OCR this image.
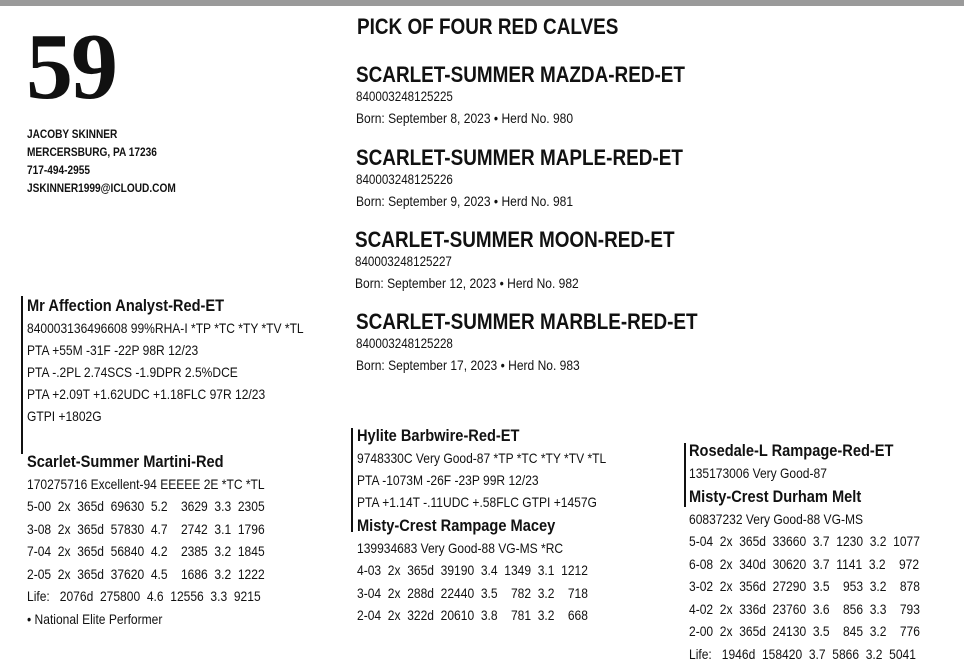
59
JACOBY SKINNER
MERCERSBURG, PA 17236
717-494-2955
JSKINNER1999@ICLOUD.COM
PICK OF FOUR RED CALVES
SCARLET-SUMMER MAZDA-RED-ET
840003248125225
Born: September 8, 2023 • Herd No. 980
SCARLET-SUMMER MAPLE-RED-ET
840003248125226
Born: September 9, 2023 • Herd No. 981
SCARLET-SUMMER MOON-RED-ET
840003248125227
Born: September 12, 2023 • Herd No. 982
SCARLET-SUMMER MARBLE-RED-ET
840003248125228
Born: September 17, 2023 • Herd No. 983
Mr Affection Analyst-Red-ET
840003136496608 99%RHA-I *TP *TC *TY *TV *TL
PTA +55M -31F -22P 98R 12/23
PTA -.2PL 2.74SCS -1.9DPR 2.5%DCE
PTA +2.09T +1.62UDC +1.18FLC 97R 12/23
GTPI +1802G
Scarlet-Summer Martini-Red
170275716 Excellent-94 EEEEE 2E *TC *TL
5-00  2x  365d  69630  5.2    3629  3.3  2305
3-08  2x  365d  57830  4.7    2742  3.1  1796
7-04  2x  365d  56840  4.2    2385  3.2  1845
2-05  2x  365d  37620  4.5    1686  3.2  1222
Life:   2076d  275800  4.6  12556  3.3  9215
• National Elite Performer
Hylite Barbwire-Red-ET
9748330C Very Good-87 *TP *TC *TY *TV *TL
PTA -1073M -26F -23P 99R 12/23
PTA +1.14T -.11UDC +.58FLC GTPI +1457G
Misty-Crest Rampage Macey
139934683 Very Good-88 VG-MS *RC
4-03  2x  365d  39190  3.4  1349  3.1  1212
3-04  2x  288d  22440  3.5    782  3.2    718
2-04  2x  322d  20610  3.8    781  3.2    668
Rosedale-L Rampage-Red-ET
135173006 Very Good-87
Misty-Crest Durham Melt
60837232 Very Good-88 VG-MS
5-04  2x  365d  33660  3.7  1230  3.2  1077
6-08  2x  340d  30620  3.7  1141  3.2    972
3-02  2x  356d  27290  3.5    953  3.2    878
4-02  2x  336d  23760  3.6    856  3.3    793
2-00  2x  365d  24130  3.5    845  3.2    776
Life:   1946d  158420  3.7  5866  3.2  5041
